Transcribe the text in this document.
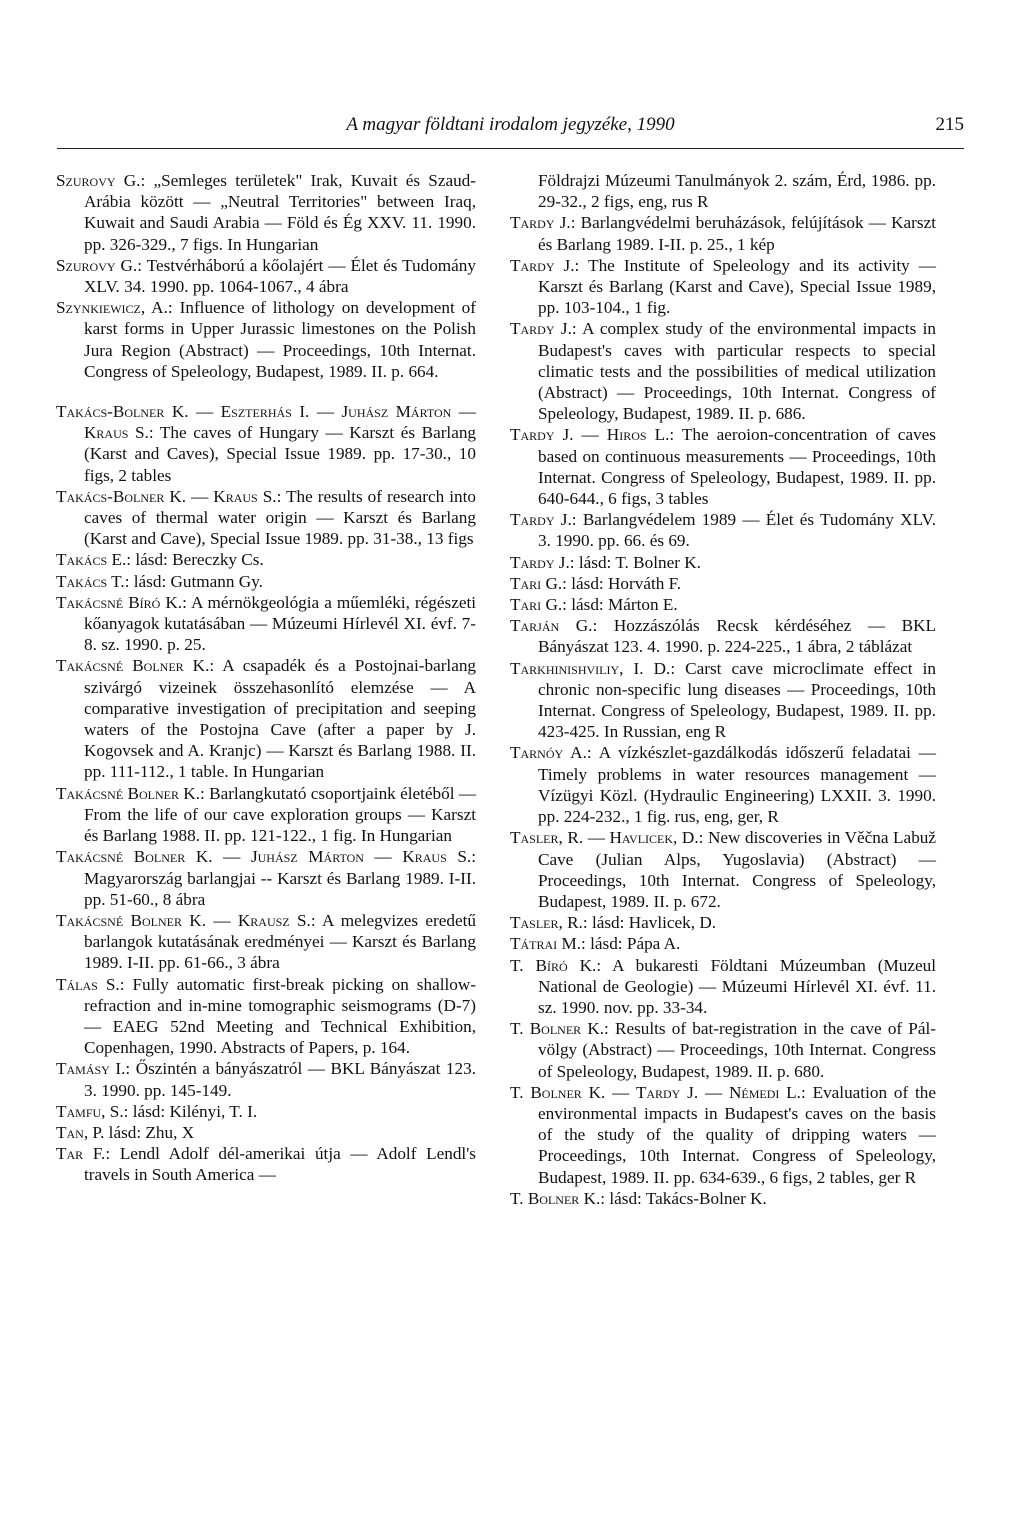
A magyar földtani irodalom jegyzéke, 1990	215

Szurovy G.: „Semleges területek" Irak, Kuvait és Szaud-Arábia között — „Neutral Territories" between Iraq, Kuwait and Saudi Arabia — Föld és Ég XXV. 11. 1990. pp. 326-329., 7 figs. In Hungarian

Szurovy G.: Testvérháború a kőolajért — Élet és Tudomány XLV. 34. 1990. pp. 1064-1067., 4 ábra

Szynkiewicz, A.: Influence of lithology on development of karst forms in Upper Jurassic limestones on the Polish Jura Region (Abstract) — Proceedings, 10th Internat. Congress of Speleology, Budapest, 1989. II. p. 664.

Takács-Bolner K. — Eszterhás I. — Juhász Márton — Kraus S.: The caves of Hungary — Karszt és Barlang (Karst and Caves), Special Issue 1989. pp. 17-30., 10 figs, 2 tables

Takács-Bolner K. — Kraus S.: The results of research into caves of thermal water origin — Karszt és Barlang (Karst and Cave), Special Issue 1989. pp. 31-38., 13 figs

Takács E.: lásd: Bereczky Cs.

Takács T.: lásd: Gutmann Gy.

Takácsné Bíró K.: A mérnökgeológia a műemléki, régészeti kőanyagok kutatásában — Múzeumi Hírlevél XI. évf. 7-8. sz. 1990. p. 25.

Takácsné Bolner K.: A csapadék és a Postojnai-barlang szivárgó vizeinek összehasonlító elemzése — A comparative investigation of precipitation and seeping waters of the Postojna Cave (after a paper by J. Kogovsek and A. Kranjc) — Karszt és Barlang 1988. II. pp. 111-112., 1 table. In Hungarian

Takácsné Bolner K.: Barlangkutató csoportjaink életéből — From the life of our cave exploration groups — Karszt és Barlang 1988. II. pp. 121-122., 1 fig. In Hungarian

Takácsné Bolner K. — Juhász Márton — Kraus S.: Magyarország barlangjai -- Karszt és Barlang 1989. I-II. pp. 51-60., 8 ábra

Takácsné Bolner K. — Krausz S.: A melegvizes eredetű barlangok kutatásának eredményei — Karszt és Barlang 1989. I-II. pp. 61-66., 3 ábra

Tálas S.: Fully automatic first-break picking on shallow-refraction and in-mine tomographic seismograms (D-7) — EAEG 52nd Meeting and Technical Exhibition, Copenhagen, 1990. Abstracts of Papers, p. 164.

Tamásy I.: Őszintén a bányászatról — BKL Bányászat 123. 3. 1990. pp. 145-149.

Tamfu, S.: lásd: Kilényi, T. I.

Tan, P. lásd: Zhu, X

Tar F.: Lendl Adolf dél-amerikai útja — Adolf Lendl's travels in South America —

Földrajzi Múzeumi Tanulmányok 2. szám, Érd, 1986. pp. 29-32., 2 figs, eng, rus R

Tardy J.: Barlangvédelmi beruházások, felújítások — Karszt és Barlang 1989. I-II. p. 25., 1 kép

Tardy J.: The Institute of Speleology and its activity — Karszt és Barlang (Karst and Cave), Special Issue 1989, pp. 103-104., 1 fig.

Tardy J.: A complex study of the environmental impacts in Budapest's caves with particular respects to special climatic tests and the possibilities of medical utilization (Abstract) — Proceedings, 10th Internat. Congress of Speleology, Budapest, 1989. II. p. 686.

Tardy J. — Hiros L.: The aeroion-concentration of caves based on continuous measurements — Proceedings, 10th Internat. Congress of Speleology, Budapest, 1989. II. pp. 640-644., 6 figs, 3 tables

Tardy J.: Barlangvédelem 1989 — Élet és Tudomány XLV. 3. 1990. pp. 66. és 69.

Tardy J.: lásd: T. Bolner K.

Tari G.: lásd: Horváth F.

Tari G.: lásd: Márton E.

Tarján G.: Hozzászólás Recsk kérdéséhez — BKL Bányászat 123. 4. 1990. p. 224-225., 1 ábra, 2 táblázat

Tarkhinishviliy, I. D.: Carst cave microclimate effect in chronic non-specific lung diseases — Proceedings, 10th Internat. Congress of Speleology, Budapest, 1989. II. pp. 423-425. In Russian, eng R

Tarnóy A.: A vízkészlet-gazdálkodás időszerű feladatai — Timely problems in water resources management — Vízügyi Közl. (Hydraulic Engineering) LXXII. 3. 1990. pp. 224-232., 1 fig. rus, eng, ger, R

Tasler, R. — Havlicek, D.: New discoveries in Věčna Labuž Cave (Julian Alps, Yugoslavia) (Abstract) — Proceedings, 10th Internat. Congress of Speleology, Budapest, 1989. II. p. 672.

Tasler, R.: lásd: Havlicek, D.

Tátrai M.: lásd: Pápa A.

T. Bíró K.: A bukaresti Földtani Múzeumban (Muzeul National de Geologie) — Múzeumi Hírlevél XI. évf. 11. sz. 1990. nov. pp. 33-34.

T. Bolner K.: Results of bat-registration in the cave of Pál-völgy (Abstract) — Proceedings, 10th Internat. Congress of Speleology, Budapest, 1989. II. p. 680.

T. Bolner K. — Tardy J. — Némedi L.: Evaluation of the environmental impacts in Budapest's caves on the basis of the study of the quality of dripping waters — Proceedings, 10th Internat. Congress of Speleology, Budapest, 1989. II. pp. 634-639., 6 figs, 2 tables, ger R

T. Bolner K.: lásd: Takács-Bolner K.
